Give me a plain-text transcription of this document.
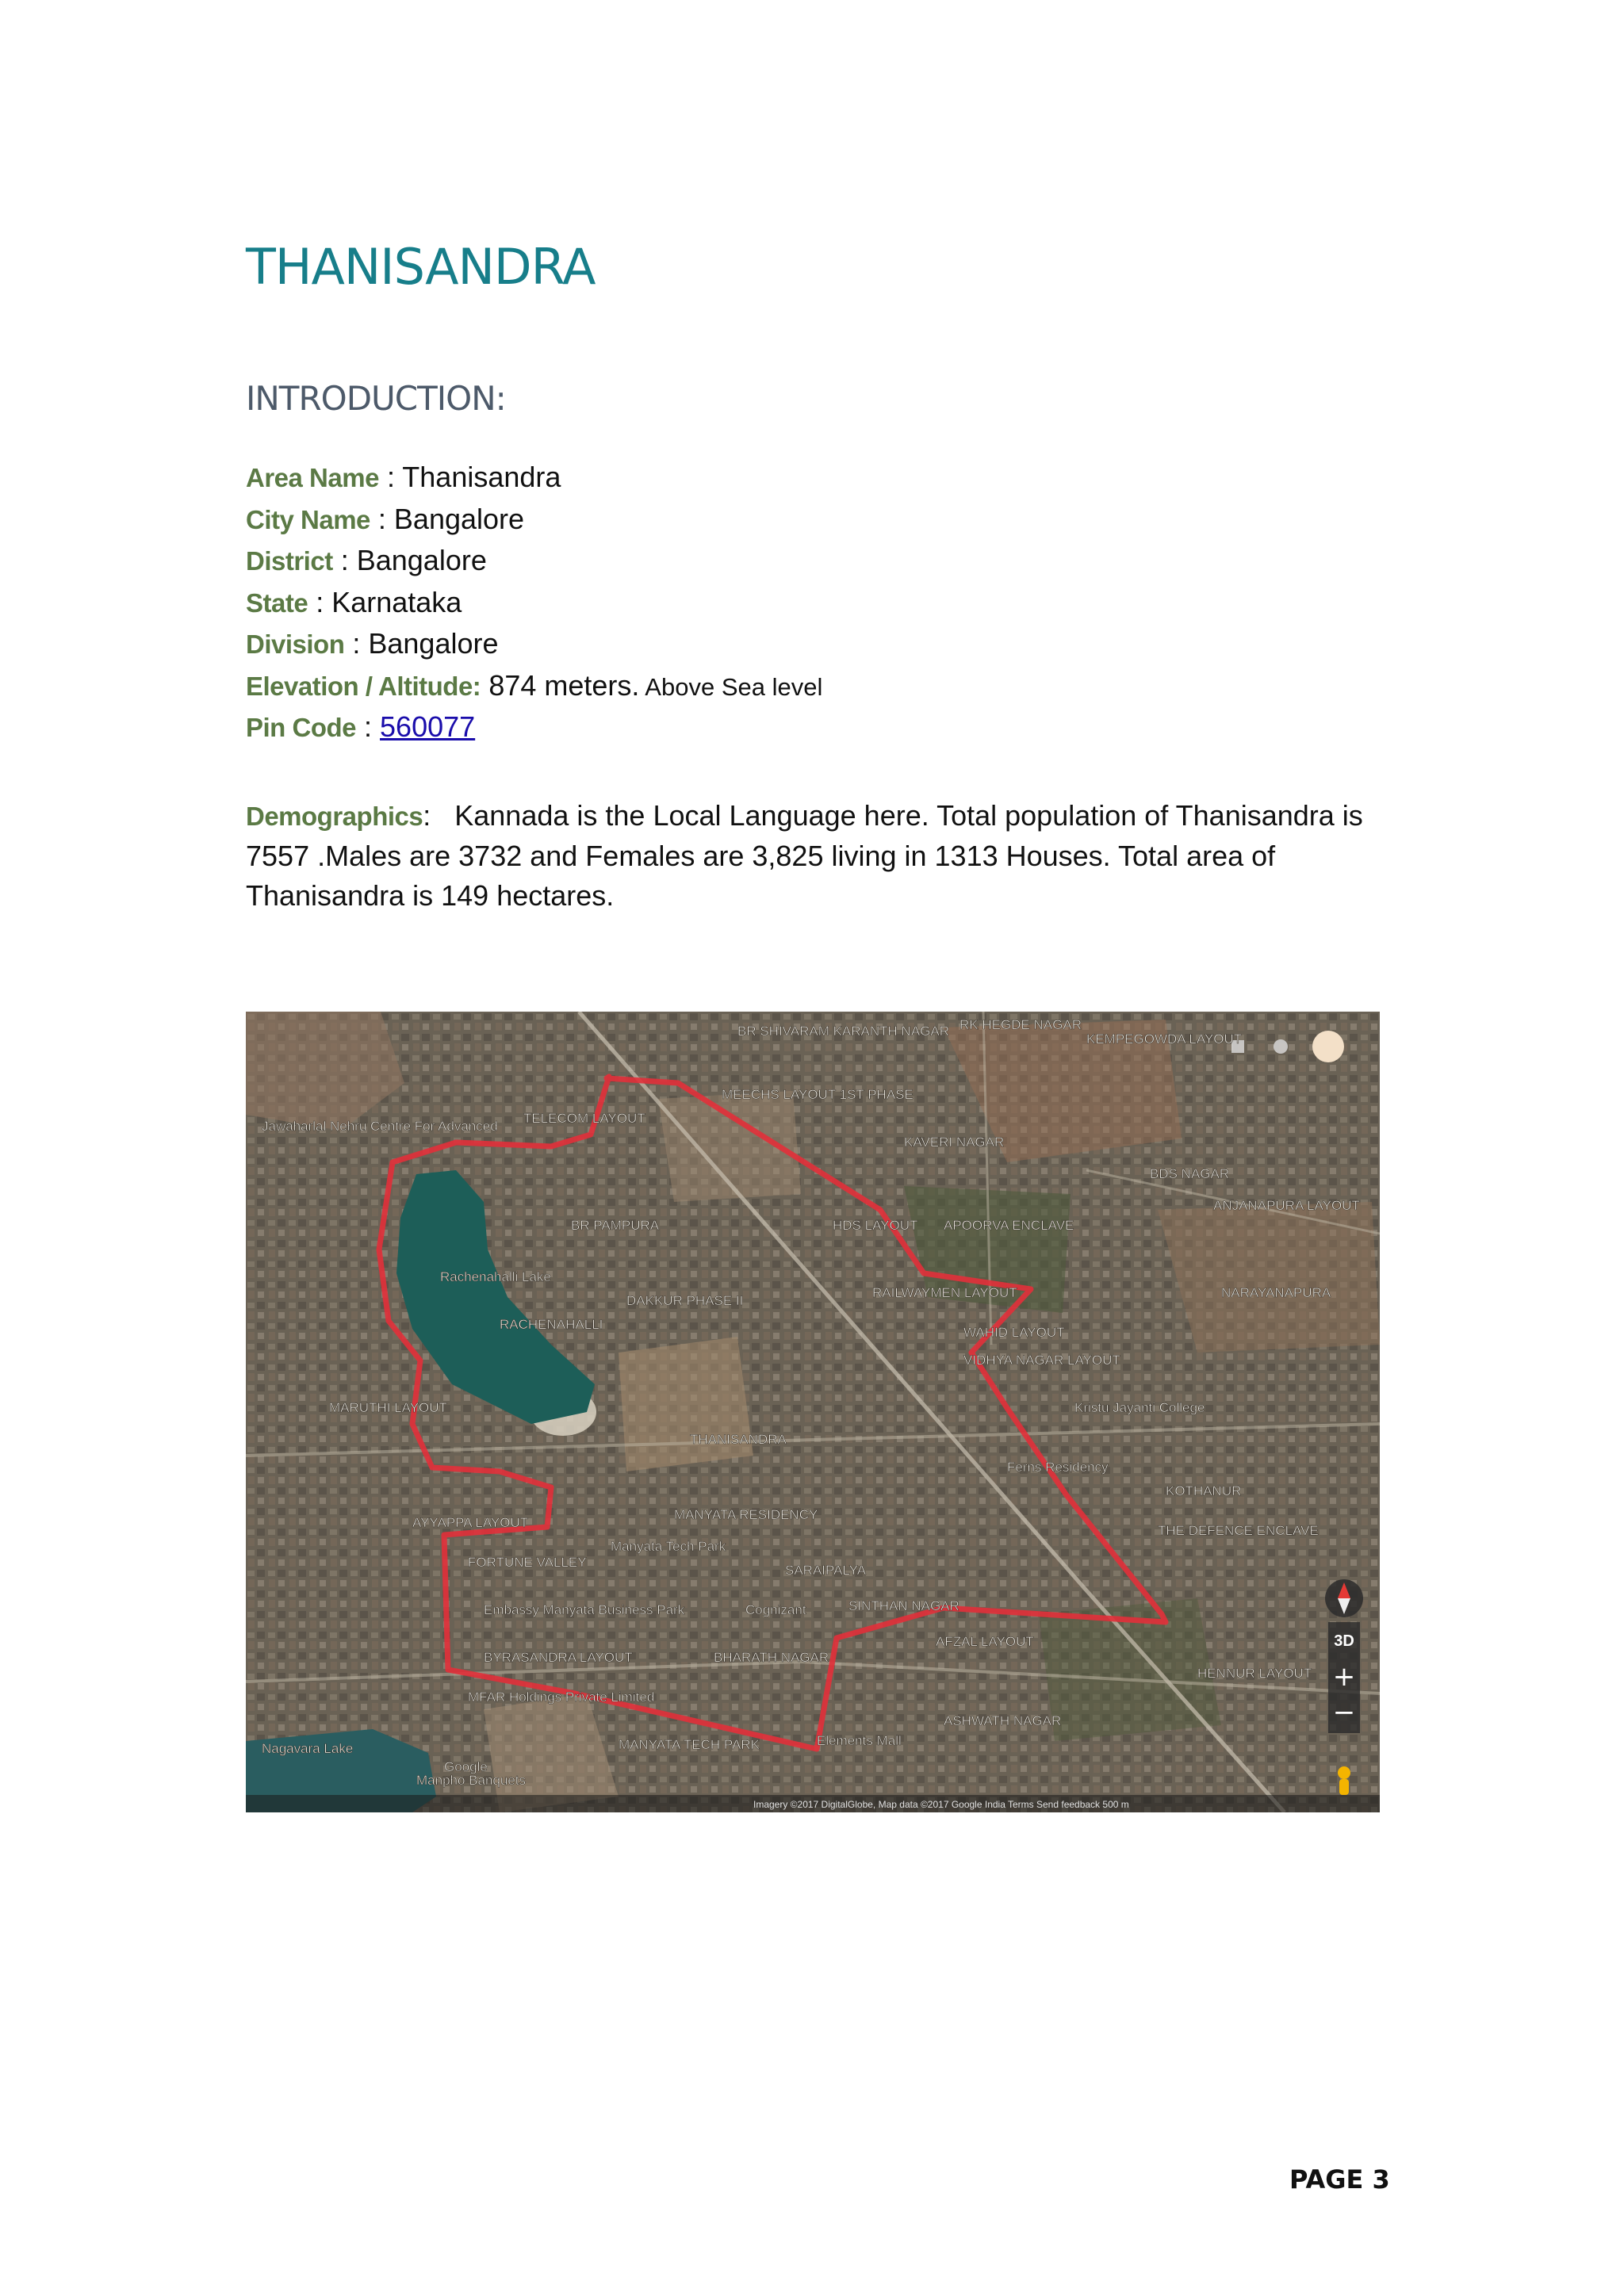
THANISANDRA
INTRODUCTION:
Area Name : Thanisandra
City Name : Bangalore
District : Bangalore
State : Karnataka
Division : Bangalore
Elevation / Altitude: 874 meters. Above Sea level
Pin Code : 560077

Demographics:   Kannada is the Local Language here. Total population of Thanisandra is 7557 .Males are 3732 and Females are 3,825 living in 1313 Houses. Total area of Thanisandra is 149 hectares.

3D
+
−
Imagery ©2017 DigitalGlobe, Map data ©2017 Google India Terms Send feedback 500 m
BR SHIVARAM KARANTH NAGAR RK HEGDE NAGAR
KEMPEGOWDA LAYOUT
Jawaharlal Nehru Centre For Advanced
TELECOM LAYOUT
MEECHS LAYOUT 1ST PHASE
KAVERI NAGAR
BDS NAGAR
ANJANAPURA LAYOUT
BR PAMPURA
Rachenahalli Lake
DAKKUR PHASE II
RACHENAHALLI
HDS LAYOUT APOORVA ENCLAVE
RAILWAYMEN LAYOUT	NARAYANAPURA
WAHID LAYOUT
VIDHYA NAGAR LAYOUT
Kristu Jayanti College
THANISANDRA
MARUTHI LAYOUT
Ferns Residency
KOTHANUR
THE DEFENCE ENCLAVE
AYYAPPA LAYOUT
MANYATA RESIDENCY
Manyata Tech Park
FORTUNE VALLEY
SARAIPALYA
Embassy Manyata Business Park	Cognizant	SINTHAN NAGAR
AFZAL LAYOUT
BYRASANDRA LAYOUT	BHARATH NAGAR
HENNUR LAYOUT
MFAR Holdings Private Limited
ASHWATH NAGAR
Nagavara Lake	MANYATA TECH PARK
Manpho Banquets
Google
Elements Mall
PAGE 3
